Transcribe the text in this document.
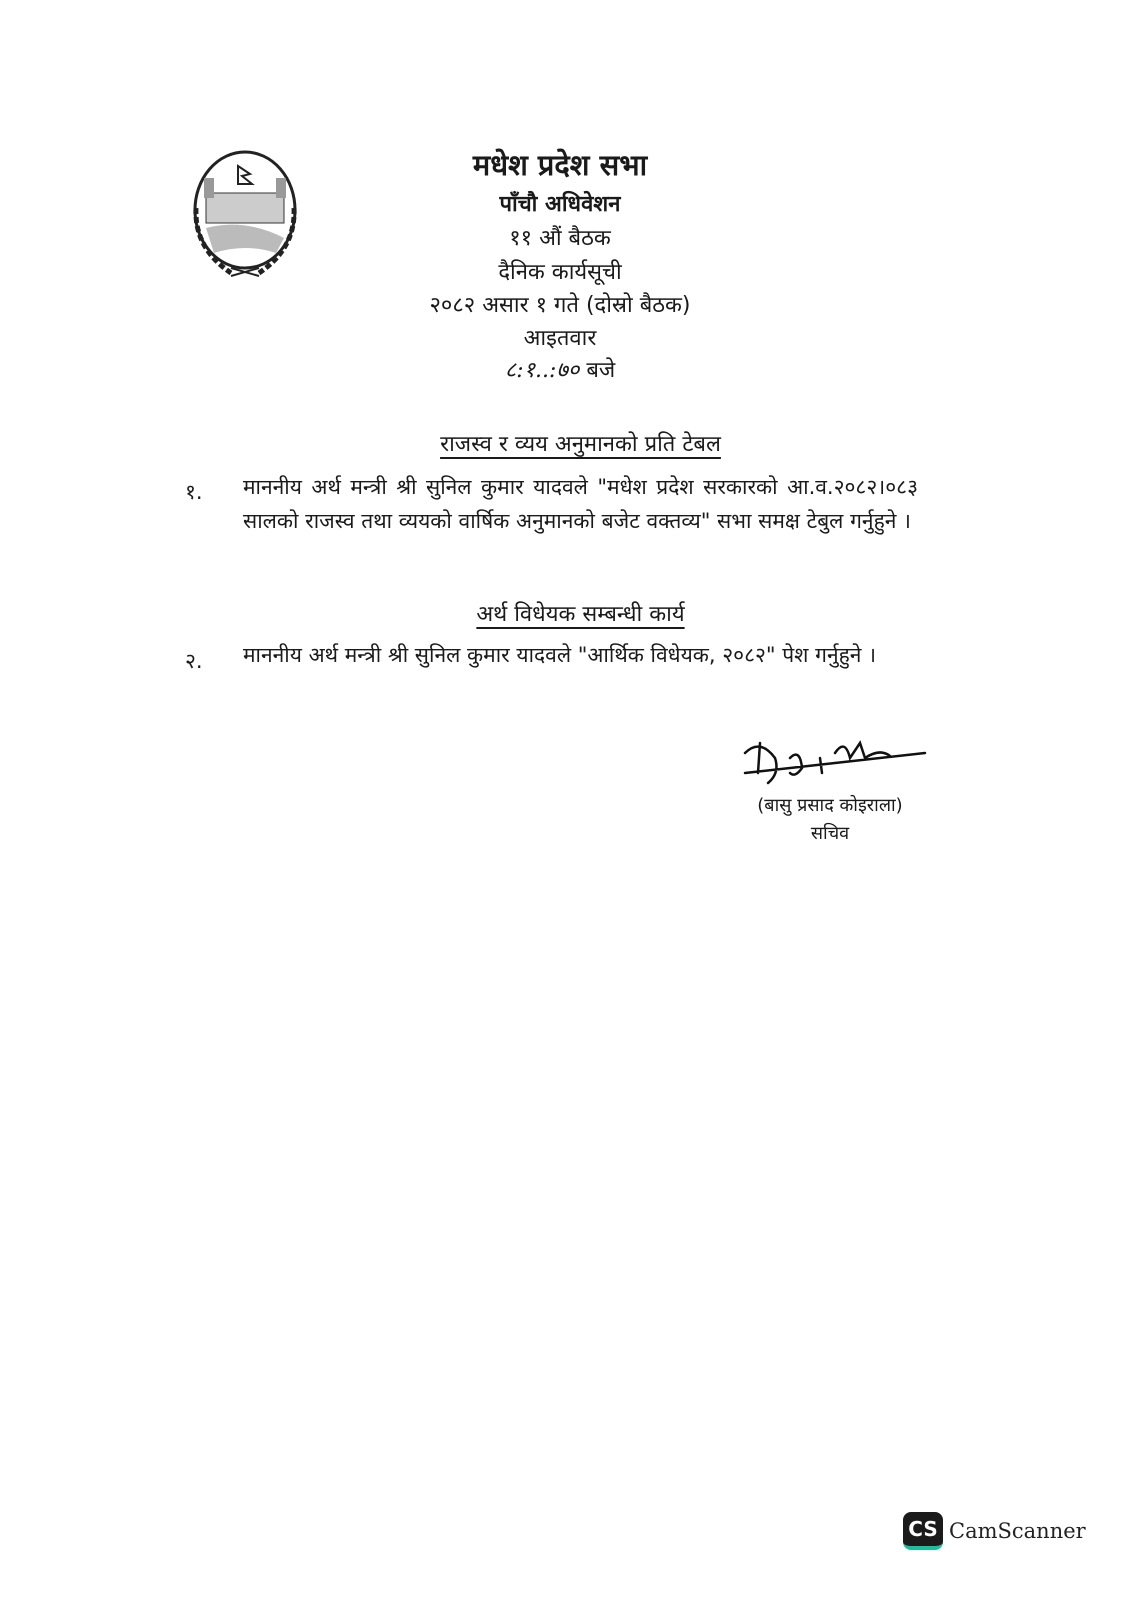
मधेश प्रदेश सभा
पाँचौ अधिवेशन
११ औं बैठक
दैनिक कार्यसूची
२०८२ असार १ गते (दोस्रो बैठक)
आइतवार
८:१..:७० बजे
राजस्व र व्यय अनुमानको प्रति टेबल
१. माननीय अर्थ मन्त्री श्री सुनिल कुमार यादवले "मधेश प्रदेश सरकारको आ.व.२०८२।०८३ सालको राजस्व तथा व्ययको वार्षिक अनुमानको बजेट वक्तव्य" सभा समक्ष टेबुल गर्नुहुने ।
अर्थ विधेयक सम्बन्धी कार्य
२. माननीय अर्थ मन्त्री श्री सुनिल कुमार यादवले "आर्थिक विधेयक, २०८२" पेश गर्नुहुने ।
(बासु प्रसाद कोइराला)
सचिव
CS CamScanner
